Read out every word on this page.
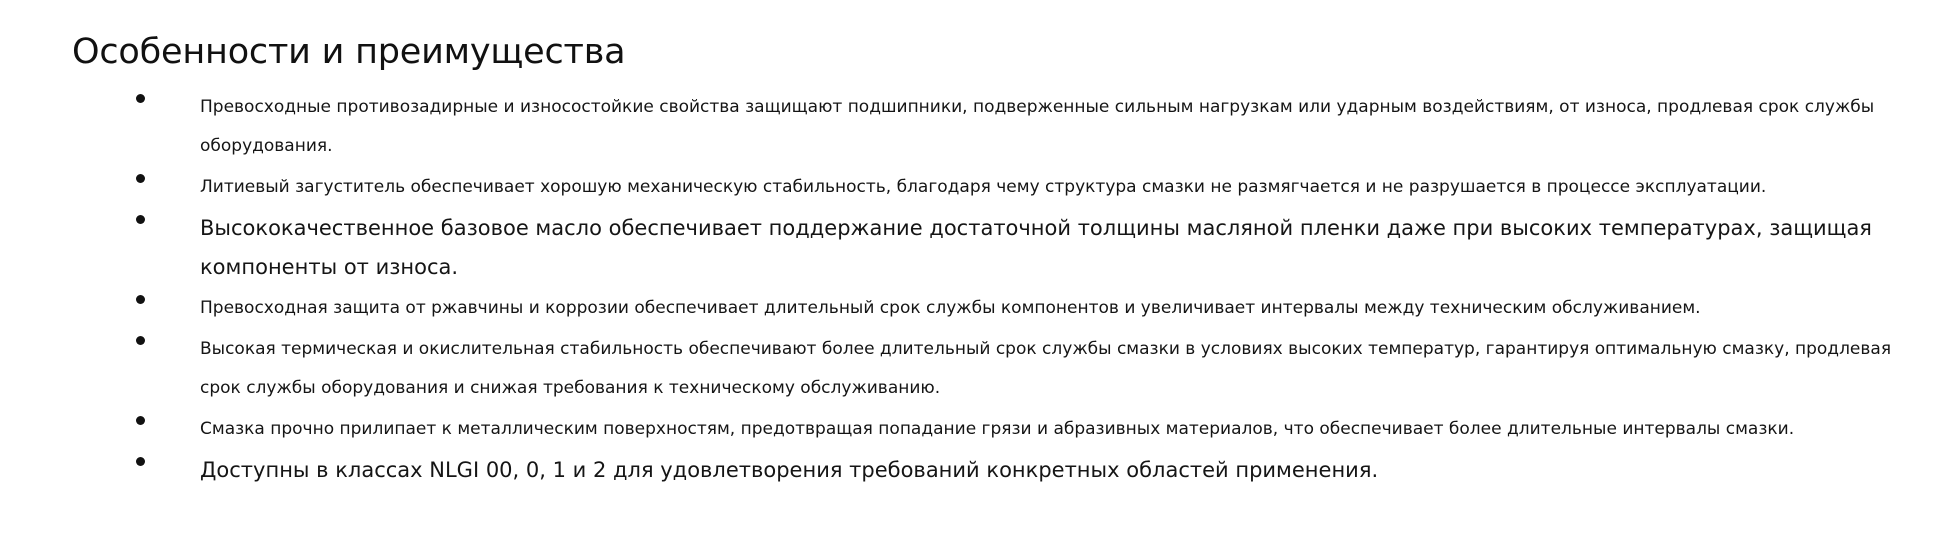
Особенности и преимущества
Превосходные противозадирные и износостойкие свойства защищают подшипники, подверженные сильным нагрузкам или ударным воздействиям, от износа, продлевая срок службы оборудования.
Литиевый загуститель обеспечивает хорошую механическую стабильность, благодаря чему структура смазки не размягчается и не разрушается в процессе эксплуатации.
Высококачественное базовое масло обеспечивает поддержание достаточной толщины масляной пленки даже при высоких температурах, защищая компоненты от износа.
Превосходная защита от ржавчины и коррозии обеспечивает длительный срок службы компонентов и увеличивает интервалы между техническим обслуживанием.
Высокая термическая и окислительная стабильность обеспечивают более длительный срок службы смазки в условиях высоких температур, гарантируя оптимальную смазку, продлевая срок службы оборудования и снижая требования к техническому обслуживанию.
Смазка прочно прилипает к металлическим поверхностям, предотвращая попадание грязи и абразивных материалов, что обеспечивает более длительные интервалы смазки.
Доступны в классах NLGI 00, 0, 1 и 2 для удовлетворения требований конкретных областей применения.
